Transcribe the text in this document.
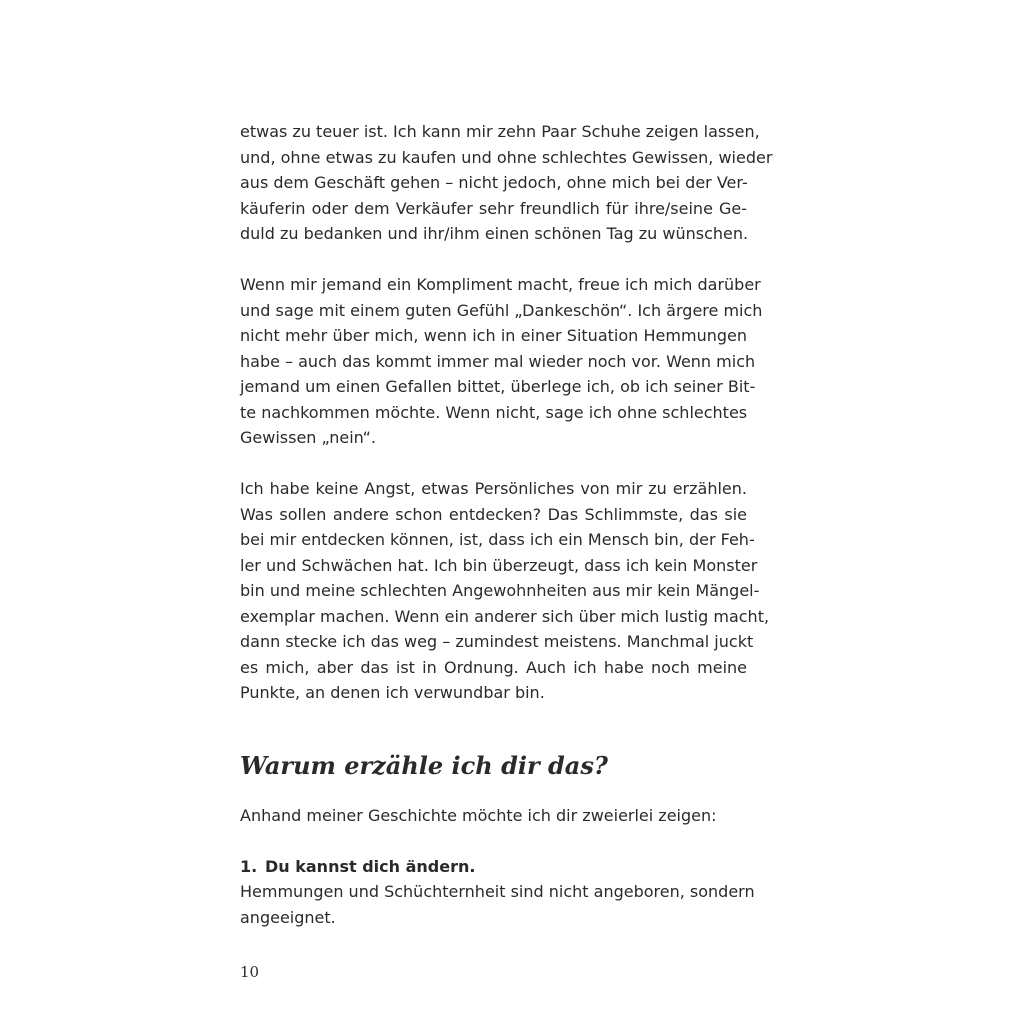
etwas zu teuer ist. Ich kann mir zehn Paar Schuhe zeigen lassen,
und, ohne etwas zu kaufen und ohne schlechtes Gewissen, wieder
aus dem Geschäft gehen – nicht jedoch, ohne mich bei der Ver-
käuferin oder dem Verkäufer sehr freundlich für ihre/seine Ge-
duld zu bedanken und ihr/ihm einen schönen Tag zu wünschen.

Wenn mir jemand ein Kompliment macht, freue ich mich darüber
und sage mit einem guten Gefühl „Dankeschön“. Ich ärgere mich
nicht mehr über mich, wenn ich in einer Situation Hemmungen
habe – auch das kommt immer mal wieder noch vor. Wenn mich
jemand um einen Gefallen bittet, überlege ich, ob ich seiner Bit-
te nachkommen möchte. Wenn nicht, sage ich ohne schlechtes
Gewissen „nein“.

Ich habe keine Angst, etwas Persönliches von mir zu erzählen.
Was sollen andere schon entdecken? Das Schlimmste, das sie
bei mir entdecken können, ist, dass ich ein Mensch bin, der Feh-
ler und Schwächen hat. Ich bin überzeugt, dass ich kein Monster
bin und meine schlechten Angewohnheiten aus mir kein Mängel-
exemplar machen. Wenn ein anderer sich über mich lustig macht,
dann stecke ich das weg – zumindest meistens. Manchmal juckt
es mich, aber das ist in Ordnung. Auch ich habe noch meine
Punkte, an denen ich verwundbar bin.

Warum erzähle ich dir das?

Anhand meiner Geschichte möchte ich dir zweierlei zeigen:

1. Du kannst dich ändern.

Hemmungen und Schüchternheit sind nicht angeboren, sondern
angeeignet.

10
